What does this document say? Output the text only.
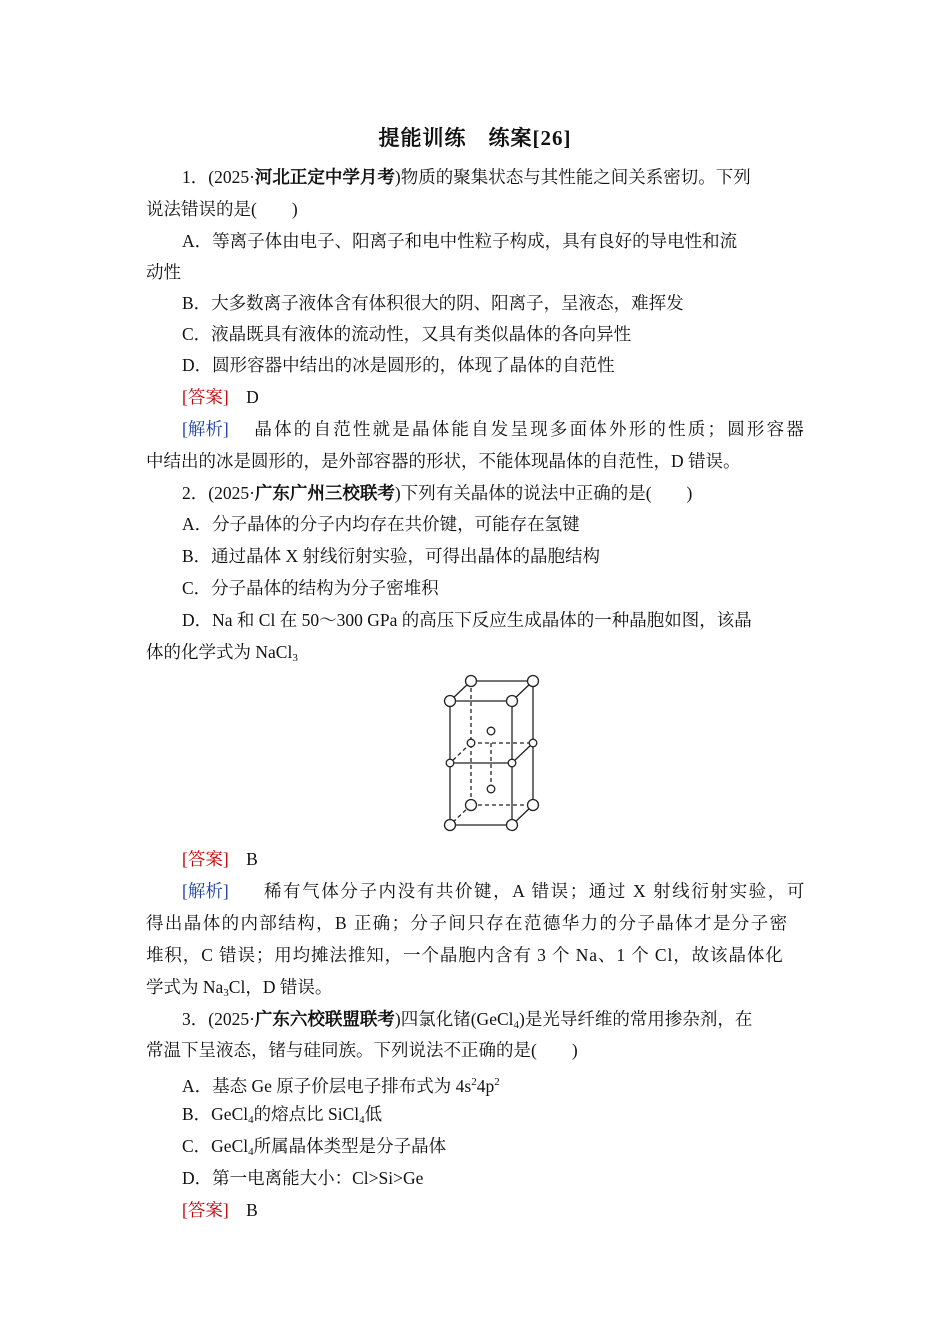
提能训练　练案[26]
1．(2025·河北正定中学月考)物质的聚集状态与其性能之间关系密切。下列
说法错误的是(　　)
A．等离子体由电子、阳离子和电中性粒子构成，具有良好的导电性和流
动性
B．大多数离子液体含有体积很大的阴、阳离子，呈液态，难挥发
C．液晶既具有液体的流动性，又具有类似晶体的各向异性
D．圆形容器中结出的冰是圆形的，体现了晶体的自范性
[答案]　 D
[解析] 晶体的自范性就是晶体能自发呈现多面体外形的性质；圆形容器
中结出的冰是圆形的，是外部容器的形状，不能体现晶体的自范性，D 错误。
2．(2025·广东广州三校联考)下列有关晶体的说法中正确的是(　　)
A．分子晶体的分子内均存在共价键，可能存在氢键
B．通过晶体 X 射线衍射实验，可得出晶体的晶胞结构
C．分子晶体的结构为分子密堆积
D．Na 和 Cl 在 50～300 GPa 的高压下反应生成晶体的一种晶胞如图，该晶
体的化学式为 NaCl$_3$
[答案]　 B
[解析] 稀有气体分子内没有共价键，A 错误；通过 X 射线衍射实验，可
得出晶体的内部结构，B 正确；分子间只存在范德华力的分子晶体才是分子密
堆积，C 错误；用均摊法推知，一个晶胞内含有 3 个 Na、1 个 Cl，故该晶体化
学式为 $Na_3Cl$，D 错误。
3．(2025·广东六校联盟联考)四氯化锗(GeCl$_4$)是光导纤维的常用掺杂剂，在
常温下呈液态，锗与硅同族。下列说法不正确的是(　　)
A．基态 Ge 原子价层电子排布式为 $4s^24p^2$
B．GeCl$_4$的熔点比 SiCl$_4$低
C．GeCl$_4$所属晶体类型是分子晶体
D．第一电离能大小：Cl>Si>Ge
[答案]　 B
